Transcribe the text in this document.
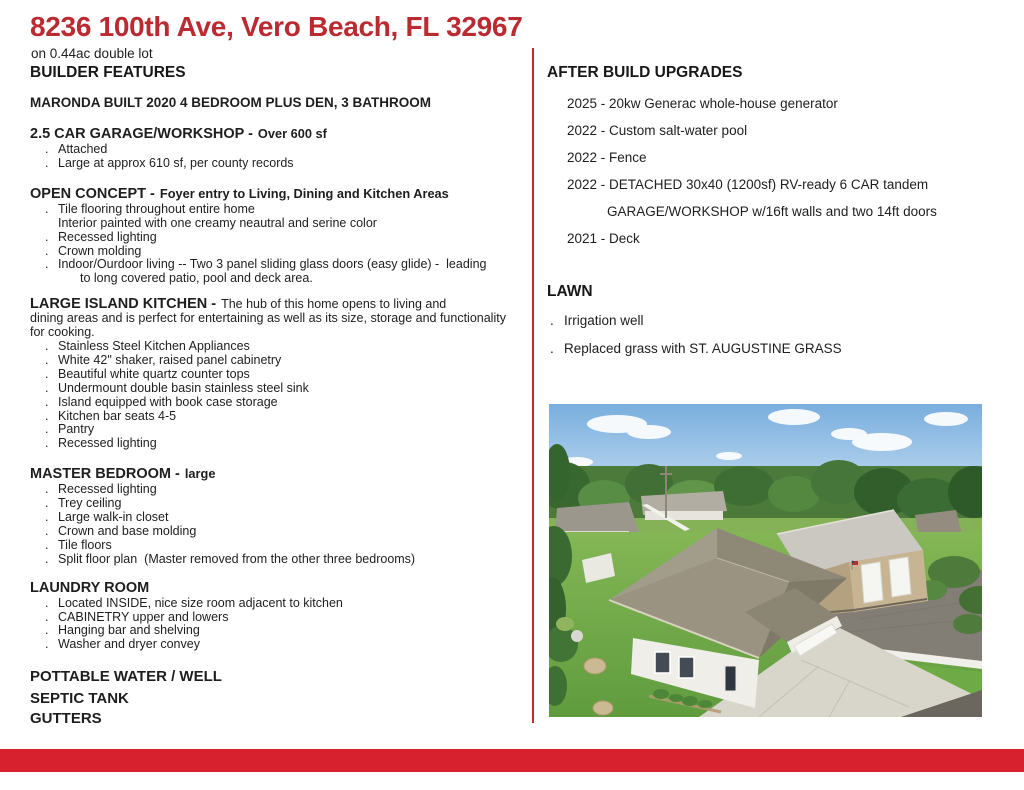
8236 100th Ave, Vero Beach, FL 32967
on 0.44ac double lot
BUILDER FEATURES

MARONDA BUILT 2020 4 BEDROOM PLUS DEN, 3 BATHROOM

2.5 CAR GARAGE/WORKSHOP - Over 600 sf
. Attached
. Large at approx 610 sf, per county records
OPEN CONCEPT - Foyer entry to Living, Dining and Kitchen Areas
. Tile flooring throughout entire home
Interior painted with one creamy neautral and serine color
. Recessed lighting
. Crown molding
. Indoor/Ourdoor living -- Two 3 panel sliding glass doors (easy glide) -  leading
to long covered patio, pool and deck area.

LARGE ISLAND KITCHEN - The hub of this home opens to living and
dining areas and is perfect for entertaining as well as its size, storage and functionality
for cooking.

. Stainless Steel Kitchen Appliances
. White 42" shaker, raised panel cabinetry
. Beautiful white quartz counter tops
. Undermount double basin stainless steel sink
. Island equipped with book case storage
. Kitchen bar seats 4-5
. Pantry
. Recessed lighting
MASTER BEDROOM - large
. Recessed lighting
. Trey ceiling
. Large walk-in closet
. Crown and base molding
. Tile floors
. Split floor plan  (Master removed from the other three bedrooms)
LAUNDRY ROOM
. Located INSIDE, nice size room adjacent to kitchen
. CABINETRY upper and lowers
. Hanging bar and shelving
. Washer and dryer convey

POTTABLE WATER / WELL

SEPTIC TANK

GUTTERS

AFTER BUILD UPGRADES
2025 - 20kw Generac whole-house generator
2022 - Custom salt-water pool
2022 - Fence
2022 - DETACHED 30x40 (1200sf) RV-ready 6 CAR tandem
GARAGE/WORKSHOP w/16ft walls and two 14ft doors
2021 - Deck
LAWN
. Irrigation well
. Replaced grass with ST. AUGUSTINE GRASS
